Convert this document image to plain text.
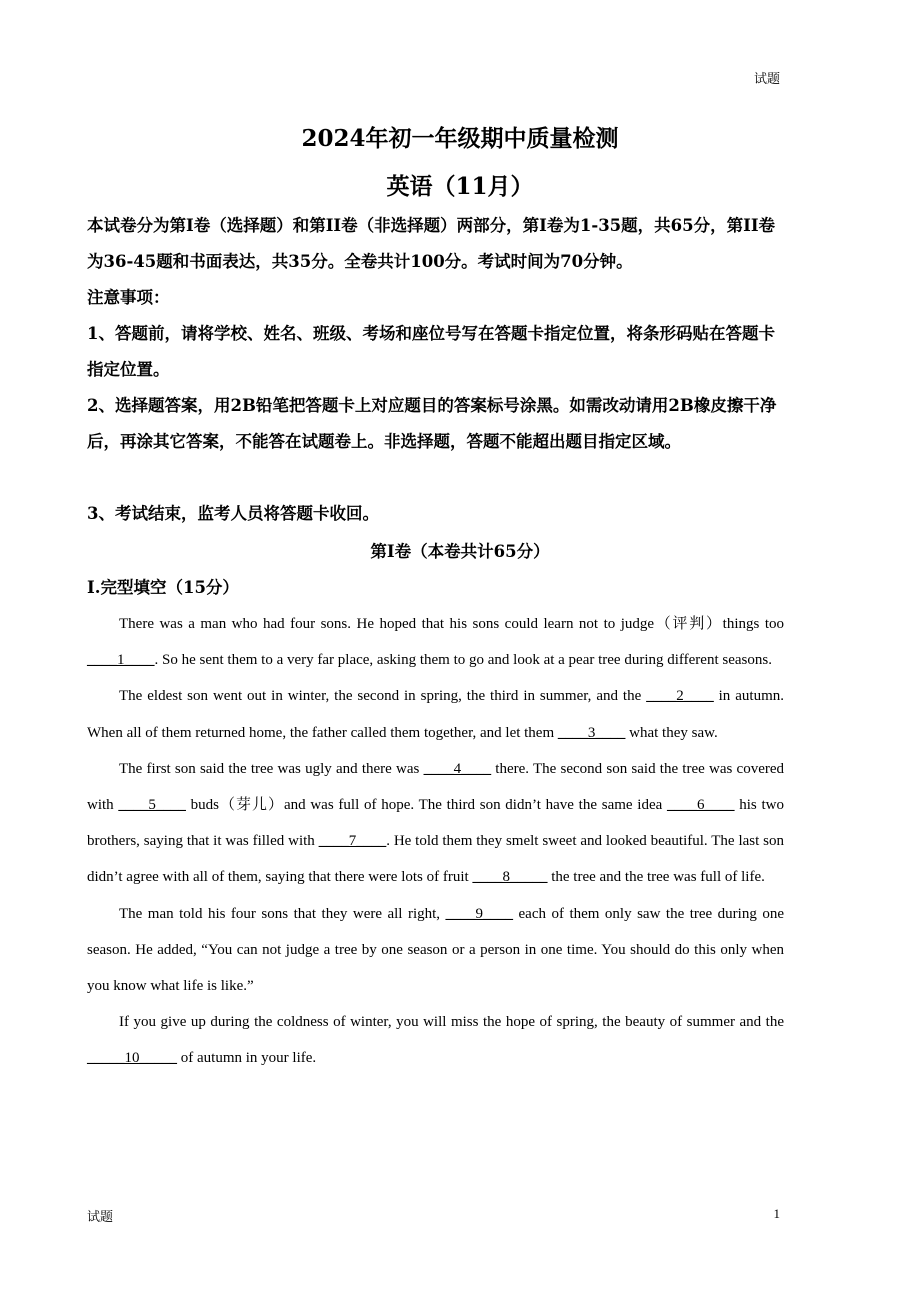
试题
2024年初一年级期中质量检测
英语（11月）
本试卷分为第I卷（选择题）和第II卷（非选择题）两部分，第I卷为1-35题，共65分，第II卷为36-45题和书面表达，共35分。全卷共计100分。考试时间为70分钟。
注意事项：
1、答题前，请将学校、姓名、班级、考场和座位号写在答题卡指定位置，将条形码贴在答题卡指定位置。
2、选择题答案，用2B铅笔把答题卡上对应题目的答案标号涂黑。如需改动请用2B橡皮擦干净后，再涂其它答案，不能答在试题卷上。非选择题，答题不能超出题目指定区域。
3、考试结束，监考人员将答题卡收回。
第I卷（本卷共计65分）
I.完型填空（15分）

There was a man who had four sons. He hoped that his sons could learn not to judge（评判）things too ____1____. So he sent them to a very far place, asking them to go and look at a pear tree during different seasons.

The eldest son went out in winter, the second in spring, the third in summer, and the ____2____ in autumn. When all of them returned home, the father called them together, and let them ____3____ what they saw.

The first son said the tree was ugly and there was ____4____ there. The second son said the tree was covered with ____5____ buds（芽儿）and was full of hope. The third son didn’t have the same idea ____6____ his two brothers, saying that it was filled with ____7____. He told them they smelt sweet and looked beautiful. The last son didn’t agree with all of them, saying that there were lots of fruit ____8_____ the tree and the tree was full of life.

The man told his four sons that they were all right, ____9____ each of them only saw the tree during one season. He added, “You can not judge a tree by one season or a person in one time. You should do this only when you know what life is like.”

If you give up during the coldness of winter, you will miss the hope of spring, the beauty of summer and the _____10_____ of autumn in your life.

试题	1
